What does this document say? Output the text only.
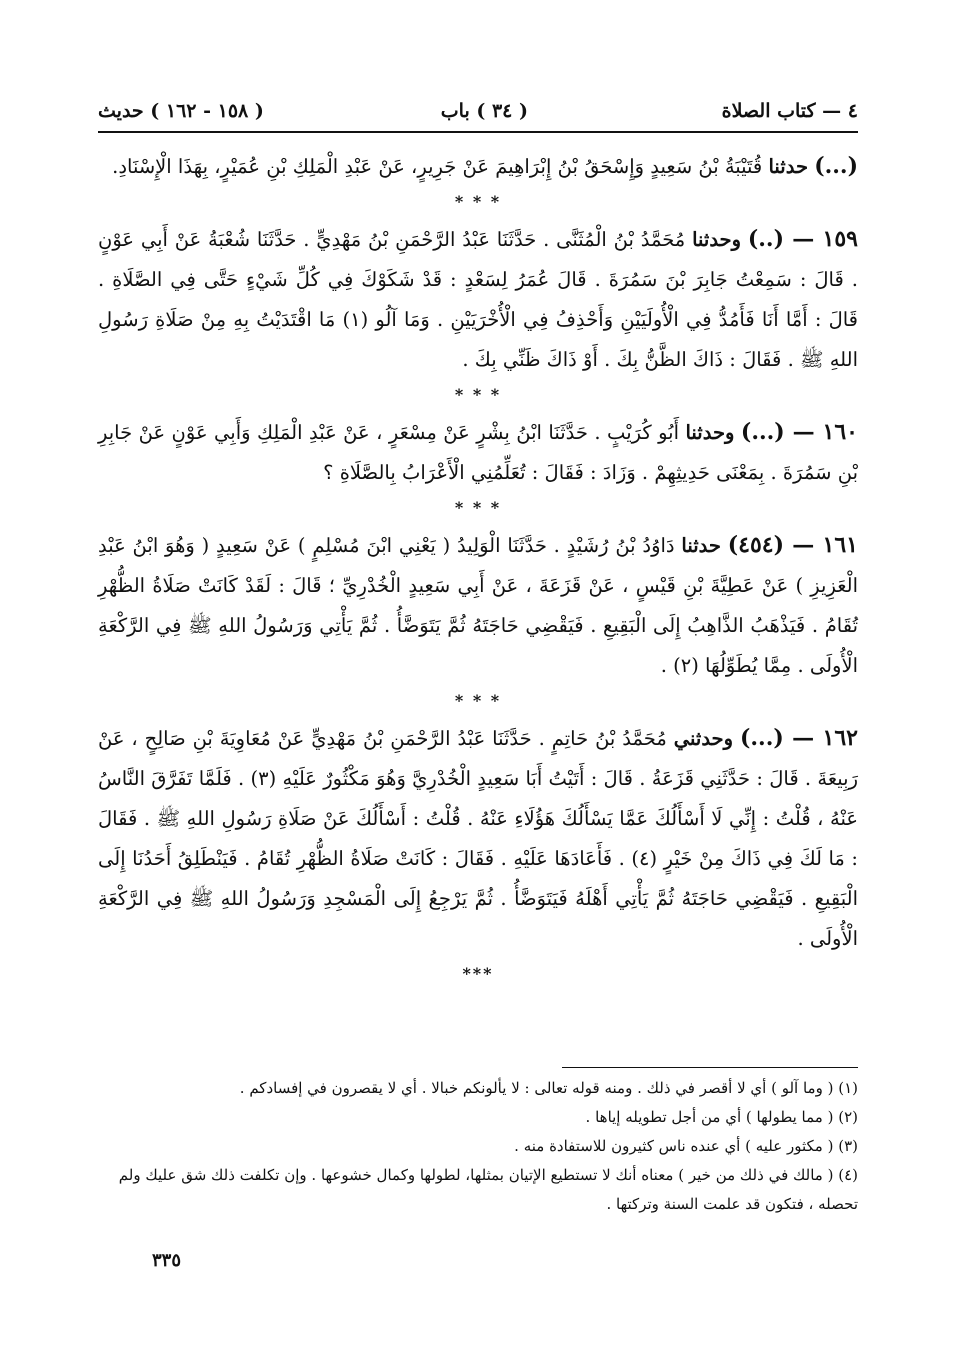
٤ — كتاب الصلاة
( ٣٤ ) باب
( ١٥٨ - ١٦٢ ) حديث

(...) حدثنا قُتَيْبَةُ بْنُ سَعِيدٍ وَإِسْحَقُ بْنُ إِبْرَاهِيمَ عَنْ جَرِيرٍ، عَنْ عَبْدِ الْمَلِكِ بْنِ عُمَيْرٍ، بِهَذَا الْإِسْنَادِ.

* * *

١٥٩ — (..) وحدثنا مُحَمَّدُ بْنُ الْمُثَنَّى . حَدَّثَنَا عَبْدُ الرَّحْمَنِ بْنُ مَهْدِيٍّ . حَدَّثَنَا شُعْبَةُ عَنْ أَبِي عَوْنٍ . قَالَ : سَمِعْتُ جَابِرَ بْنَ سَمُرَةَ . قَالَ عُمَرُ لِسَعْدٍ : قَدْ شَكَوْكَ فِي كُلِّ شَيْءٍ حَتَّى فِي الصَّلَاةِ . قَالَ : أَمَّا أَنَا فَأَمُدُّ فِي الْأُولَيَيْنِ وَأَحْذِفُ فِي الْأُخْرَيَيْنِ . وَمَا آلُو (١) مَا اقْتَدَيْتُ بِهِ مِنْ صَلَاةِ رَسُولِ اللهِ ﷺ . فَقَالَ : ذَاكَ الظَّنُّ بِكَ . أَوْ ذَاكَ ظَنِّي بِكَ .

* * *

١٦٠ — (...) وحدثنا أَبُو كُرَيْبٍ . حَدَّثَنَا ابْنُ بِشْرٍ عَنْ مِسْعَرٍ ، عَنْ عَبْدِ الْمَلِكِ وَأَبِي عَوْنٍ عَنْ جَابِرِ بْنِ سَمُرَةَ . بِمَعْنَى حَدِيثِهِمْ . وَزَادَ : فَقَالَ : تُعَلِّمُنِي الْأَعْرَابُ بِالصَّلَاةِ ؟

* * *

١٦١ — (٤٥٤) حدثنا دَاوُدُ بْنُ رُشَيْدٍ . حَدَّثَنَا الْوَلِيدُ ( يَعْنِي ابْنَ مُسْلِمٍ ) عَنْ سَعِيدٍ ( وَهُوَ ابْنُ عَبْدِ الْعَزِيزِ ) عَنْ عَطِيَّةَ بْنِ قَيْسٍ ، عَنْ قَزَعَةَ ، عَنْ أَبِي سَعِيدٍ الْخُدْرِيِّ ؛ قَالَ : لَقَدْ كَانَتْ صَلَاةُ الظُّهْرِ تُقَامُ . فَيَذْهَبُ الذَّاهِبُ إِلَى الْبَقِيعِ . فَيَقْضِي حَاجَتَهُ ثُمَّ يَتَوَضَّأُ . ثُمَّ يَأْتِي وَرَسُولُ اللهِ ﷺ فِي الرَّكْعَةِ الْأُولَى . مِمَّا يُطَوِّلُهَا (٢) .

* * *

١٦٢ — (...) وحدثني مُحَمَّدُ بْنُ حَاتِمٍ . حَدَّثَنَا عَبْدُ الرَّحْمَنِ بْنُ مَهْدِيٍّ عَنْ مُعَاوِيَةَ بْنِ صَالِحٍ ، عَنْ رَبِيعَةَ . قَالَ : حَدَّثَنِي قَزَعَةُ . قَالَ : أَتَيْتُ أَبَا سَعِيدٍ الْخُدْرِيَّ وَهُوَ مَكْثُورٌ عَلَيْهِ (٣) . فَلَمَّا تَفَرَّقَ النَّاسُ عَنْهُ ، قُلْتُ : إِنِّي لَا أَسْأَلُكَ عَمَّا يَسْأَلُكَ هَؤُلَاءِ عَنْهُ . قُلْتُ : أَسْأَلُكَ عَنْ صَلَاةِ رَسُولِ اللهِ ﷺ . فَقَالَ : مَا لَكَ فِي ذَاكَ مِنْ خَيْرٍ (٤) . فَأَعَادَهَا عَلَيْهِ . فَقَالَ : كَانَتْ صَلَاةُ الظُّهْرِ تُقَامُ . فَيَنْطَلِقُ أَحَدُنَا إِلَى الْبَقِيعِ . فَيَقْضِي حَاجَتَهُ ثُمَّ يَأْتِي أَهْلَهُ فَيَتَوَضَّأُ . ثُمَّ يَرْجِعُ إِلَى الْمَسْجِدِ وَرَسُولُ اللهِ ﷺ فِي الرَّكْعَةِ الْأُولَى .

***

(١) ( وما آلو ) أي لا أقصر في ذلك . ومنه قوله تعالى : لا يألونكم خبالا . أي لا يقصرون في إفسادكم .

(٢) ( مما يطولها ) أي من أجل تطويله إياها .

(٣) ( مكثور عليه ) أي عنده ناس كثيرون للاستفادة منه .

(٤) ( مالك في ذلك من خير ) معناه أنك لا تستطيع الإتيان بمثلها، لطولها وكمال خشوعها . وإن تكلفت ذلك شق عليك ولم تحصله ، فتكون قد علمت السنة وتركتها .

٣٣٥
